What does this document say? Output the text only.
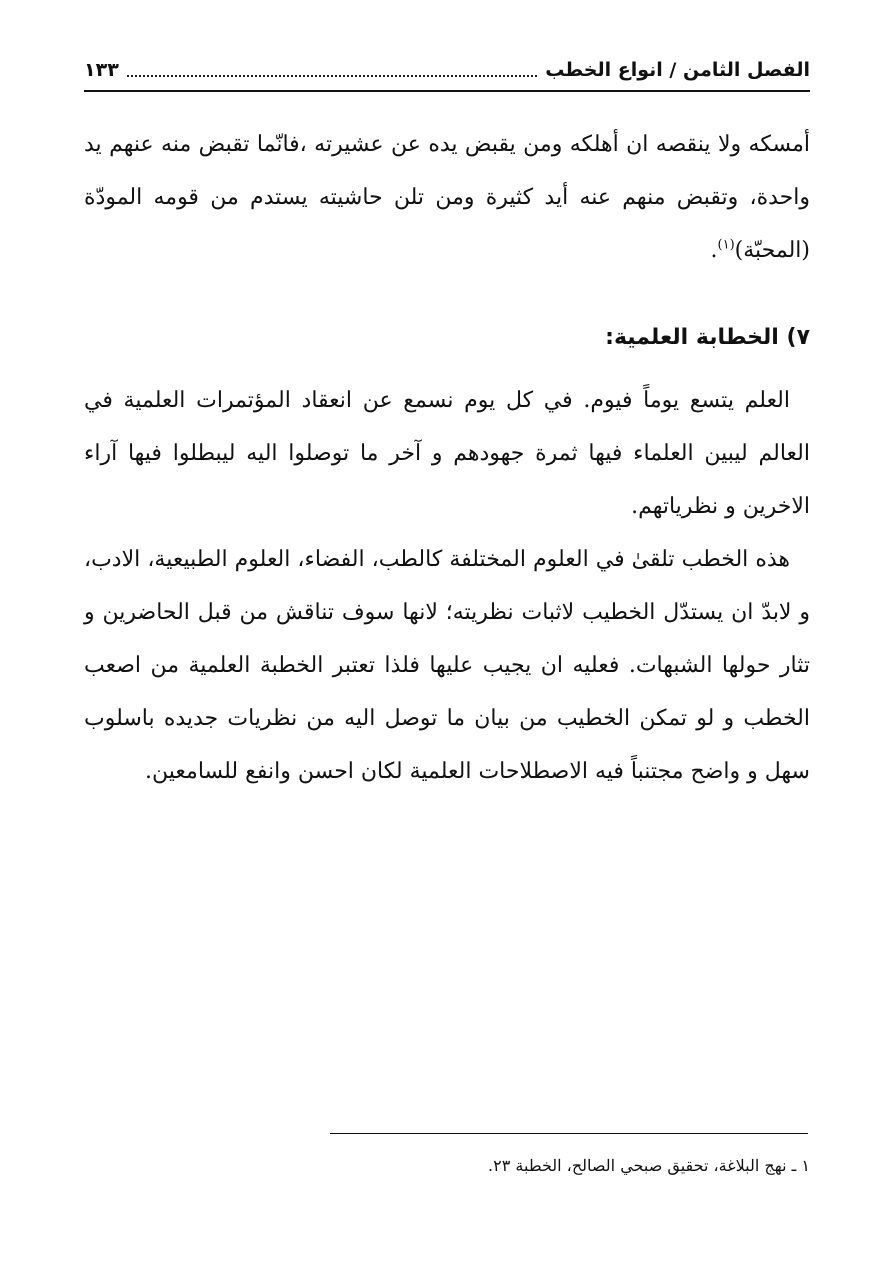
الفصل الثامن / انواع الخطب
١٣٣

أمسكه ولا ينقصه ان أهلكه ومن يقبض يده عن عشيرته ،فانّما تقبض منه عنهم يد واحدة، وتقبض منهم عنه أيد كثيرة ومن تلن حاشيته يستدم من قومه المودّة (المحبّة)$^{(١)}$.

٧) الخطابة العلمية:

العلم يتسع يوماً فيوم. في كل يوم نسمع عن انعقاد المؤتمرات العلمية في العالم ليبين العلماء فيها ثمرة جهودهم و آخر ما توصلوا اليه ليبطلوا فيها آراء الاخرين و نظرياتهم.

هذه الخطب تلقىٰ في العلوم المختلفة كالطب، الفضاء، العلوم الطبيعية، الادب، و لابدّ ان يستدّل الخطيب لاثبات نظريته؛ لانها سوف تناقش من قبل الحاضرين و تثار حولها الشبهات. فعليه ان يجيب عليها فلذا تعتبر الخطبة العلمية من اصعب الخطب و لو تمكن الخطيب من بيان ما توصل اليه من نظريات جديده باسلوب سهل و واضح مجتنباً فيه الاصطلاحات العلمية لكان احسن وانفع للسامعين.

١ ـ نهج البلاغة، تحقيق صبحي الصالح، الخطبة ٢٣.
